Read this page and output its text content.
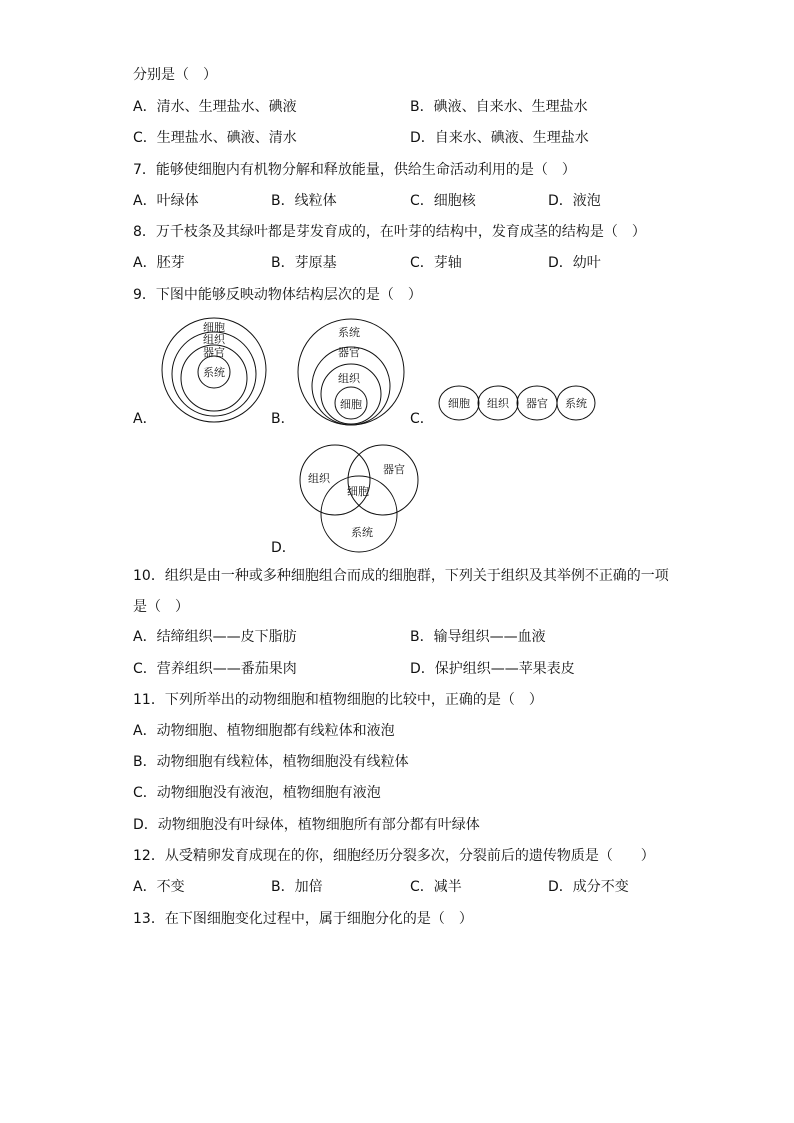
分别是（　）
A．清水、生理盐水、碘液	B．碘液、自来水、生理盐水
C．生理盐水、碘液、清水	D．自来水、碘液、生理盐水
7．能够使细胞内有机物分解和释放能量，供给生命活动利用的是（　）
A．叶绿体	B．线粒体	C．细胞核	D．液泡
8．万千枝条及其绿叶都是芽发育成的，在叶芽的结构中，发育成茎的结构是（　）
A．胚芽	B．芽原基	C．芽轴	D．幼叶
9．下图中能够反映动物体结构层次的是（　）
A．
细胞
组织
器官
系统
B．
系统
器官
组织
细胞
C．
细胞 组织 器官 系统
D．
组织
器官
细胞
系统
10．组织是由一种或多种细胞组合而成的细胞群，下列关于组织及其举例不正确的一项
是（　）
A．结缔组织——皮下脂肪	B．输导组织——血液
C．营养组织——番茄果肉	D．保护组织——苹果表皮
11．下列所举出的动物细胞和植物细胞的比较中，正确的是（　）
A．动物细胞、植物细胞都有线粒体和液泡
B．动物细胞有线粒体，植物细胞没有线粒体
C．动物细胞没有液泡，植物细胞有液泡
D．动物细胞没有叶绿体，植物细胞所有部分都有叶绿体
12．从受精卵发育成现在的你，细胞经历分裂多次，分裂前后的遗传物质是（　　）
A．不变	B．加倍	C．减半	D．成分不变
13．在下图细胞变化过程中，属于细胞分化的是（　）
